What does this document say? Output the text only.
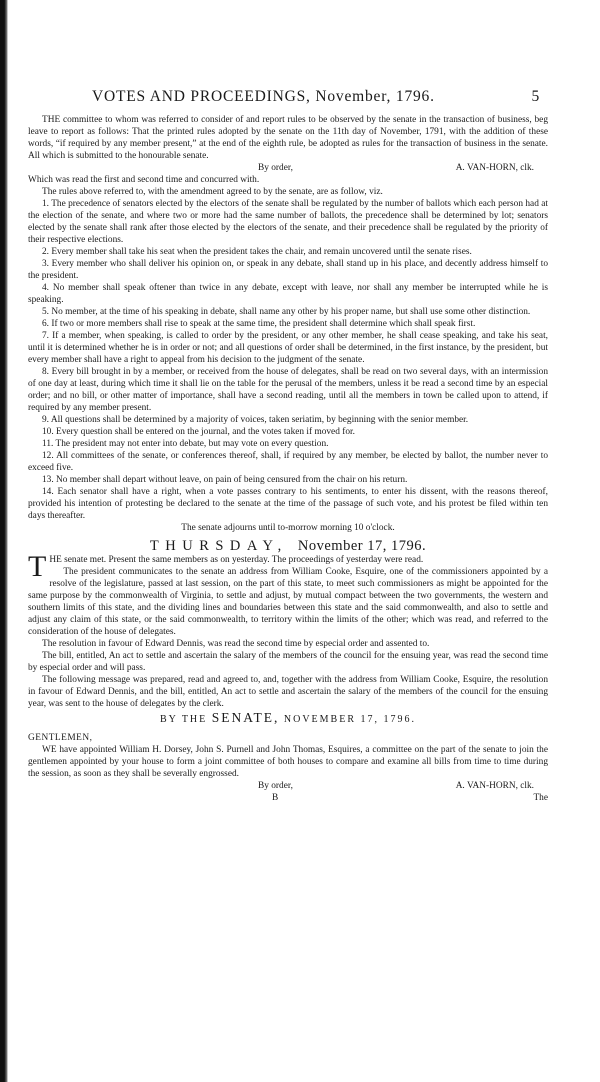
VOTES AND PROCEEDINGS, November, 1796.	5

THE committee to whom was referred to consider of and report rules to be observed by the senate in the transaction of business, beg leave to report as follows: That the printed rules adopted by the senate on the 11th day of November, 1791, with the addition of these words, “if required by any member present,” at the end of the eighth rule, be adopted as rules for the transaction of business in the senate. All which is submitted to the honourable senate.

By order,	A. VAN-HORN, clk.

Which was read the first and second time and concurred with.

The rules above referred to, with the amendment agreed to by the senate, are as follow, viz.

1. The precedence of senators elected by the electors of the senate shall be regulated by the number of ballots which each person had at the election of the senate, and where two or more had the same number of ballots, the precedence shall be determined by lot; senators elected by the senate shall rank after those elected by the electors of the senate, and their precedence shall be regulated by the priority of their respective elections.

2. Every member shall take his seat when the president takes the chair, and remain uncovered until the senate rises.

3. Every member who shall deliver his opinion on, or speak in any debate, shall stand up in his place, and decently address himself to the president.

4. No member shall speak oftener than twice in any debate, except with leave, nor shall any member be interrupted while he is speaking.

5. No member, at the time of his speaking in debate, shall name any other by his proper name, but shall use some other distinction.

6. If two or more members shall rise to speak at the same time, the president shall determine which shall speak first.

7. If a member, when speaking, is called to order by the president, or any other member, he shall cease speaking, and take his seat, until it is determined whether he is in order or not; and all questions of order shall be determined, in the first instance, by the president, but every member shall have a right to appeal from his decision to the judgment of the senate.

8. Every bill brought in by a member, or received from the house of delegates, shall be read on two several days, with an intermission of one day at least, during which time it shall lie on the table for the perusal of the members, unless it be read a second time by an especial order; and no bill, or other matter of importance, shall have a second reading, until all the members in town be called upon to attend, if required by any member present.

9. All questions shall be determined by a majority of voices, taken seriatim, by beginning with the senior member.

10. Every question shall be entered on the journal, and the votes taken if moved for.

11. The president may not enter into debate, but may vote on every question.

12. All committees of the senate, or conferences thereof, shall, if required by any member, be elected by ballot, the number never to exceed five.

13. No member shall depart without leave, on pain of being censured from the chair on his return.

14. Each senator shall have a right, when a vote passes contrary to his sentiments, to enter his dissent, with the reasons thereof, provided his intention of protesting be declared to the senate at the time of the passage of such vote, and his protest be filed within ten days thereafter.

The senate adjourns until to-morrow morning 10 o'clock.

THURSDAY, November 17, 1796.

T HE senate met. Present the same members as on yesterday. The proceedings of yesterday were read.

The president communicates to the senate an address from William Cooke, Esquire, one of the commissioners appointed by a resolve of the legislature, passed at last session, on the part of this state, to meet such commissioners as might be appointed for the same purpose by the commonwealth of Virginia, to settle and adjust, by mutual compact between the two governments, the western and southern limits of this state, and the dividing lines and boundaries between this state and the said commonwealth, and also to settle and adjust any claim of this state, or the said commonwealth, to territory within the limits of the other; which was read, and referred to the consideration of the house of delegates.

The resolution in favour of Edward Dennis, was read the second time by especial order and assented to.

The bill, entitled, An act to settle and ascertain the salary of the members of the council for the ensuing year, was read the second time by especial order and will pass.

The following message was prepared, read and agreed to, and, together with the address from William Cooke, Esquire, the resolution in favour of Edward Dennis, and the bill, entitled, An act to settle and ascertain the salary of the members of the council for the ensuing year, was sent to the house of delegates by the clerk.

BY THE SENATE, NOVEMBER 17, 1796.

GENTLEMEN,

WE have appointed William H. Dorsey, John S. Purnell and John Thomas, Esquires, a committee on the part of the senate to join the gentlemen appointed by your house to form a joint committee of both houses to compare and examine all bills from time to time during the session, as soon as they shall be severally engrossed.

By order,	A. VAN-HORN, clk.
B	The
